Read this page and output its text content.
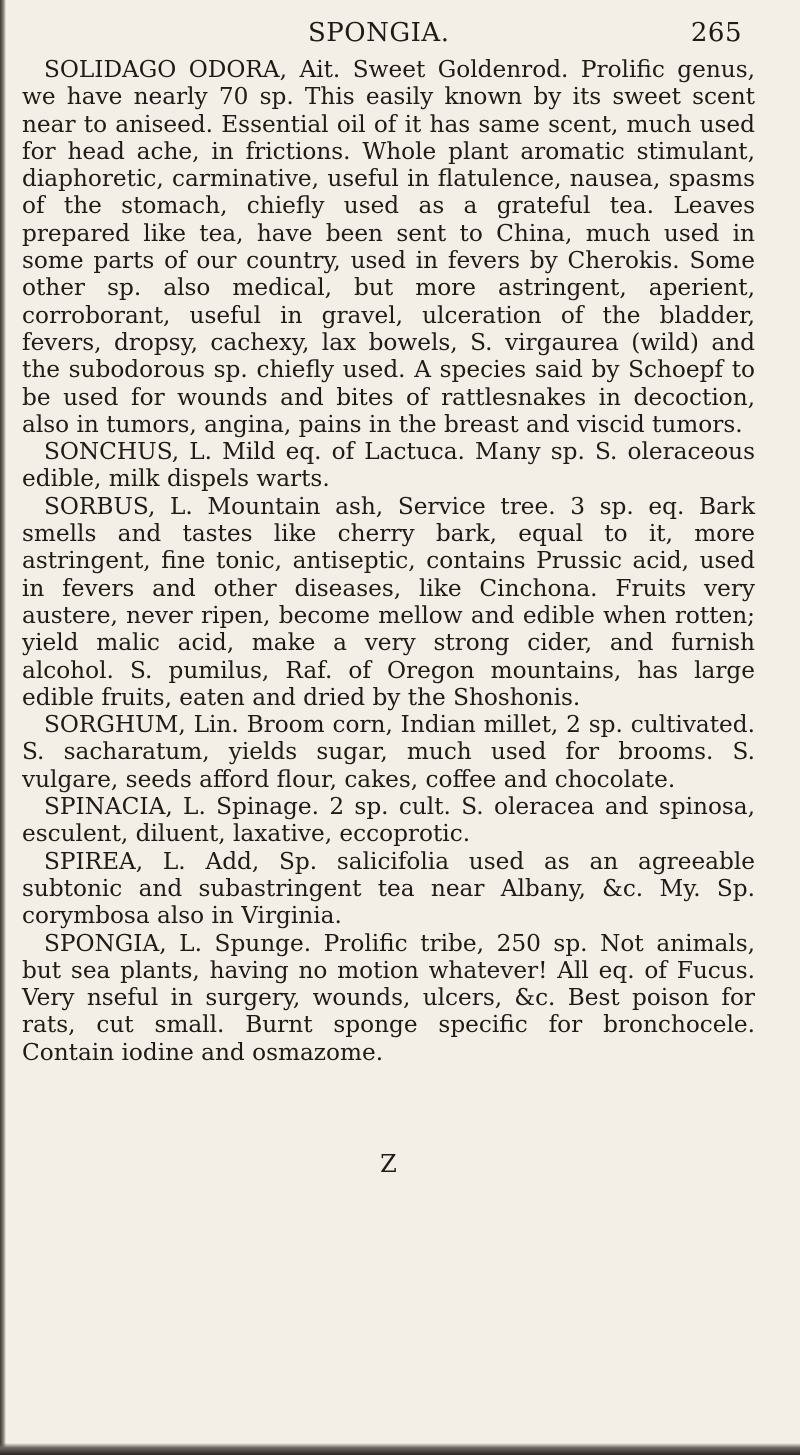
SPONGIA.	265

SOLIDAGO ODORA, Ait. Sweet Goldenrod. Prolific genus, we have nearly 70 sp. This easily known by its sweet scent near to aniseed. Essential oil of it has same scent, much used for head ache, in frictions. Whole plant aromatic stimulant, diaphoretic, carminative, useful in flatulence, nausea, spasms of the stomach, chiefly used as a grateful tea. Leaves prepared like tea, have been sent to China, much used in some parts of our country, used in fevers by Cherokis. Some other sp. also medical, but more astringent, aperient, corroborant, useful in gravel, ulceration of the bladder, fevers, dropsy, cachexy, lax bowels, S. virgaurea (wild) and the subodorous sp. chiefly used. A species said by Schoepf to be used for wounds and bites of rattlesnakes in decoction, also in tumors, angina, pains in the breast and viscid tumors.

SONCHUS, L. Mild eq. of Lactuca. Many sp. S. oleraceous edible, milk dispels warts.

SORBUS, L. Mountain ash, Service tree. 3 sp. eq. Bark smells and tastes like cherry bark, equal to it, more astringent, fine tonic, antiseptic, contains Prussic acid, used in fevers and other diseases, like Cinchona. Fruits very austere, never ripen, become mellow and edible when rotten; yield malic acid, make a very strong cider, and furnish alcohol. S. pumilus, Raf. of Oregon mountains, has large edible fruits, eaten and dried by the Shoshonis.

SORGHUM, Lin. Broom corn, Indian millet, 2 sp. cultivated. S. sacharatum, yields sugar, much used for brooms. S. vulgare, seeds afford flour, cakes, coffee and chocolate.

SPINACIA, L. Spinage. 2 sp. cult. S. oleracea and spinosa, esculent, diluent, laxative, eccoprotic.

SPIREA, L. Add, Sp. salicifolia used as an agreeable subtonic and subastringent tea near Albany, &c. My. Sp. corymbosa also in Virginia.

SPONGIA, L. Spunge. Prolific tribe, 250 sp. Not animals, but sea plants, having no motion whatever! All eq. of Fucus. Very nseful in surgery, wounds, ulcers, &c. Best poison for rats, cut small. Burnt sponge specific for bronchocele. Contain iodine and osmazome.

Z
